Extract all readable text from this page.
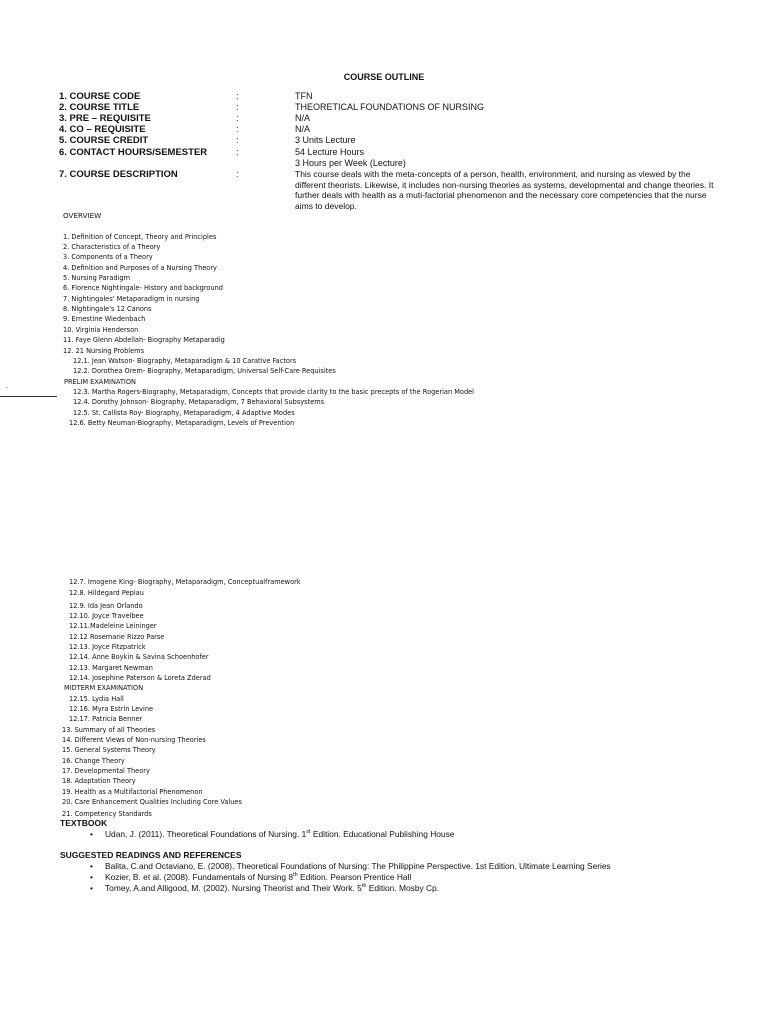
COURSE OUTLINE
1. COURSE CODE	:	TFN
2. COURSE TITLE	:	THEORETICAL FOUNDATIONS OF NURSING
3. PRE – REQUISITE	:	N/A
4. CO – REQUISITE	:	N/A
5. COURSE CREDIT	:	3 Units Lecture
6. CONTACT HOURS/SEMESTER	:	54 Lecture Hours
3 Hours per Week (Lecture)
7. COURSE DESCRIPTION	:	This course deals with the meta-concepts of a person, health, environment, and nursing as viewed by the different theorists. Likewise, it includes non-nursing theories as systems, developmental and change theories. It further deals with health as a muti-factorial phenomenon and the necessary core competencies that the nurse aims to develop.
OVERVIEW
1. Definition of Concept, Theory and Principles
2. Characteristics of a Theory
3. Components of a Theory
4. Definition and Purposes of a Nursing Theory
5. Nursing Paradigm
6. Florence Nightingale- History and background
7. Nightingales' Metaparadigm in nursing
8. Nightingale's 12 Canons
9. Ernestine Wiedenbach
10. Virginia Henderson
11. Faye Glenn Abdellah- Biography Metaparadig
12. 21 Nursing Problems
12.1. Jean Watson- Biography, Metaparadigm & 10 Carative Factors
12.2. Dorothea Orem- Biography, Metaparadigm, Universal Self-Care Requisites
PRELIM EXAMINATION
12.3. Martha Rogers-Biography, Metaparadigm, Concepts that provide clarity to the basic precepts of the Rogerian Model
12.4. Dorothy Johnson- Biography, Metaparadigm, 7 Behavioral Subsystems
12.5. St. Callista Roy- Biography, Metaparadigm, 4 Adaptive Modes
12.6. Betty Neuman-Biography, Metaparadigm, Levels of Prevention
12.7. Imogene King- Biography, Metaparadigm, Conceptualframework
12.8. Hildegard Peplau
12.9. Ida Jean Orlando
12.10. Joyce Travelbee
12.11.Madeleine Leininger
12.12 Rosemarie Rizzo Parse
12.13. Joyce Fitzpatrick
12.14. Anne Boykin & Savina Schoenhofer
12.13. Margaret Newman
12.14. Josephine Paterson & Loreta Zderad
MIDTERM EXAMINATION
12.15. Lydia Hall
12.16. Myra Estrin Levine
12.17. Patricia Benner
13. Summary of all Theories
14. Different Views of Non-nursing Theories
15. General Systems Theory
16. Change Theory
17. Developmental Theory
18. Adaptation Theory
19. Health as a Multifactorial Phenomenon
20. Care Enhancement Qualities Including Core Values
21. Competency Standards
.
TEXTBOOK
• Udan, J. (2011). Theoretical Foundations of Nursing. 1st Edition. Educational Publishing House
SUGGESTED READINGS AND REFERENCES
• Balita, C.and Octaviano, E. (2008). Theoretical Foundations of Nursing: The Philippine Perspective. 1st Edition. Ultimate Learning Series
• Kozier, B. et al. (2008). Fundamentals of Nursing 8th Edition. Pearson Prentice Hall
• Tomey, A.and Alligood, M. (2002). Nursing Theorist and Their Work. 5th Edition. Mosby Cp.
